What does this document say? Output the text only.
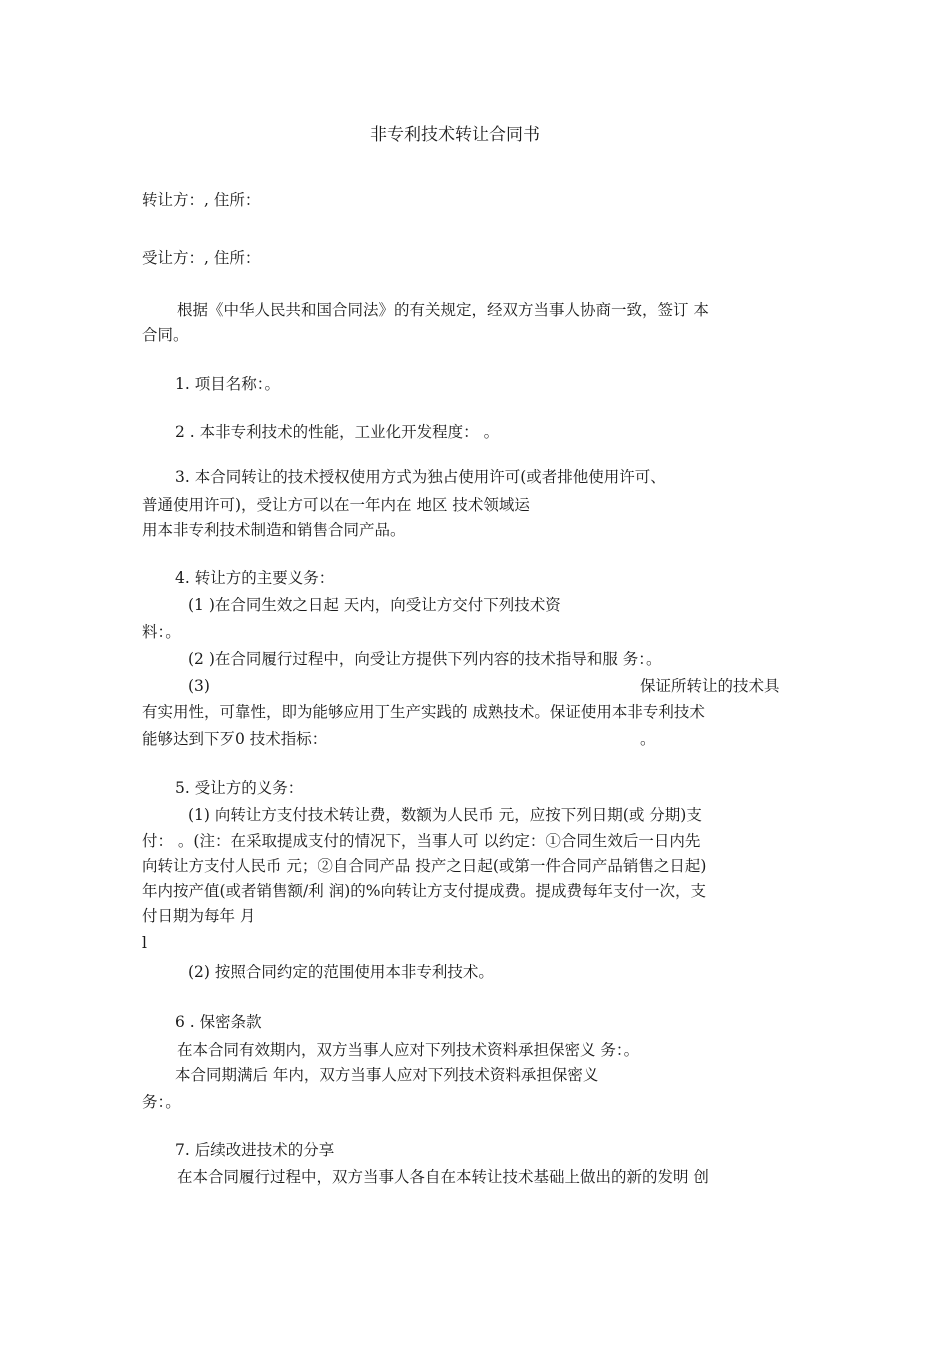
非专利技术转让合同书
转让方：, 住所：
受让方：, 住所：
根据《中华人民共和国合同法》的有关规定，经双方当事人协商一致，签订 本
合同。
1. 项目名称：。
2 . 本非专利技术的性能，工业化开发程度： 。
3. 本合同转让的技术授权使用方式为独占使用许可(或者排他使用许可、
普通使用许可)，受让方可以在一年内在 地区 技术领域运
用本非专利技术制造和销售合同产品。
4. 转让方的主要义务：
(1 )在合同生效之日起 天内，向受让方交付下列技术资
料：。
(2 )在合同履行过程中，向受让方提供下列内容的技术指导和服 务：。
(3)	保证所转让的技术具
有实用性，可靠性，即为能够应用丁生产实践的 成熟技术。保证使用本非专利技术
能够达到下歹0 技术指标：	。
5. 受让方的义务：
(1) 向转让方支付技术转让费，数额为人民币 元，应按下列日期(或 分期)支
付： 。(注：在采取提成支付的情况下，当事人可 以约定：①合同生效后一日内先
向转让方支付人民币 元；②自合同产品 投产之日起(或第一件合同产品销售之日起)
年内按产值(或者销售额/利 润)的%向转让方支付提成费。提成费每年支付一次，支
付日期为每年 月
l
(2) 按照合同约定的范围使用本非专利技术。
6 . 保密条款
在本合同有效期内，双方当事人应对下列技术资料承担保密义 务：。
本合同期满后 年内，双方当事人应对下列技术资料承担保密义
务：。
7. 后续改进技术的分享
在本合同履行过程中，双方当事人各自在本转让技术基础上做出的新的发明 创
